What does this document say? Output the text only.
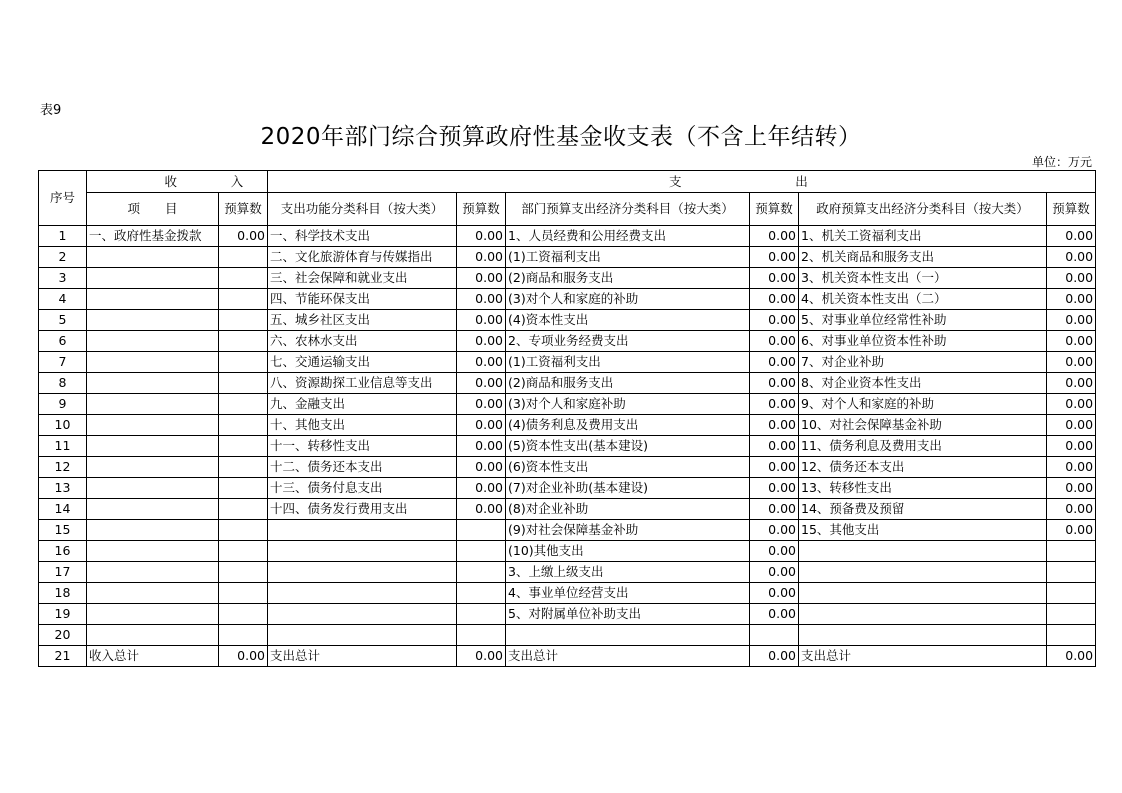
表9
2020年部门综合预算政府性基金收支表（不含上年结转）
单位：万元
序号	收 入		支 出					
	项　　目	预算数	支出功能分类科目（按大类）	预算数	部门预算支出经济分类科目（按大类）	预算数	政府预算支出经济分类科目（按大类）	预算数
1	一、政府性基金拨款	0.00	一、科学技术支出	0.00	1、人员经费和公用经费支出	0.00	1、机关工资福利支出	0.00
2			二、文化旅游体育与传媒指出	0.00	(1)工资福利支出	0.00	2、机关商品和服务支出	0.00
3			三、社会保障和就业支出	0.00	(2)商品和服务支出	0.00	3、机关资本性支出（一）	0.00
4			四、节能环保支出	0.00	(3)对个人和家庭的补助	0.00	4、机关资本性支出（二）	0.00
5			五、城乡社区支出	0.00	(4)资本性支出	0.00	5、对事业单位经常性补助	0.00
6			六、农林水支出	0.00	2、专项业务经费支出	0.00	6、对事业单位资本性补助	0.00
7			七、交通运输支出	0.00	(1)工资福利支出	0.00	7、对企业补助	0.00
8			八、资源勘探工业信息等支出	0.00	(2)商品和服务支出	0.00	8、对企业资本性支出	0.00
9			九、金融支出	0.00	(3)对个人和家庭补助	0.00	9、对个人和家庭的补助	0.00
10			十、其他支出	0.00	(4)债务利息及费用支出	0.00	10、对社会保障基金补助	0.00
11			十一、转移性支出	0.00	(5)资本性支出(基本建设)	0.00	11、债务利息及费用支出	0.00
12			十二、债务还本支出	0.00	(6)资本性支出	0.00	12、债务还本支出	0.00
13			十三、债务付息支出	0.00	(7)对企业补助(基本建设)	0.00	13、转移性支出	0.00
14			十四、债务发行费用支出	0.00	(8)对企业补助	0.00	14、预备费及预留	0.00
15					(9)对社会保障基金补助	0.00	15、其他支出	0.00
16					(10)其他支出	0.00		
17					3、上缴上级支出	0.00		
18					4、事业单位经营支出	0.00		
19					5、对附属单位补助支出	0.00		
20								
21	收入总计	0.00	支出总计	0.00	支出总计	0.00	支出总计	0.00
